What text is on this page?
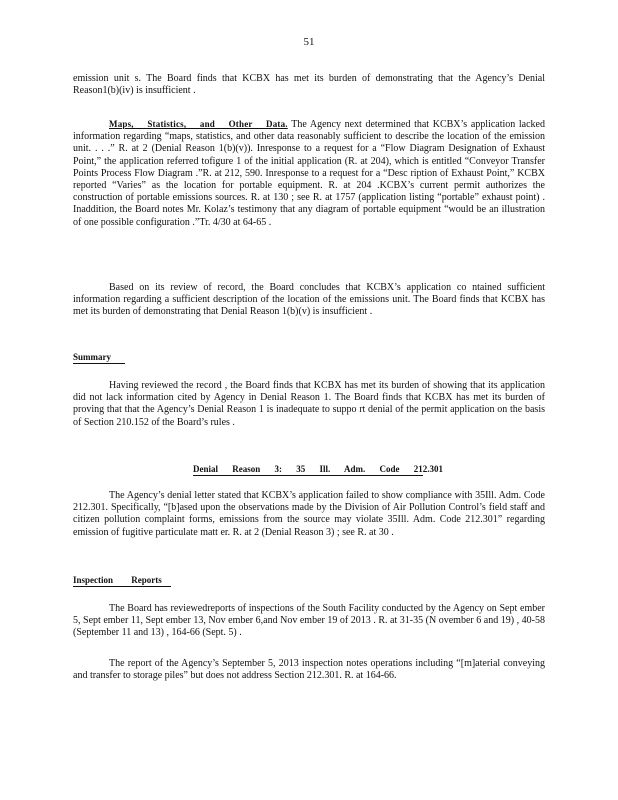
51

emission unit s. The Board finds that KCBX has met its burden of demonstrating that the Agency’s Denial Reason1(b)(iv) is insufficient .

Maps, Statistics, and Other Data. The Agency next determined that KCBX’s application lacked information regarding “maps, statistics, and other data reasonably sufficient to describe the location of the emission unit. . . .” R. at 2 (Denial Reason 1(b)(v)). Inresponse to a request for a “Flow Diagram Designation of Exhaust Point,” the application referred tofigure 1 of the initial application (R. at 204), which is entitled “Conveyor Transfer Points Process Flow Diagram .”R. at 212, 590. Inresponse to a request for a “Desc ription of Exhaust Point,” KCBX reported “Varies” as the location for portable equipment. R. at 204 .KCBX’s current permit authorizes the construction of portable emissions sources. R. at 130 ; see R. at 1757 (application listing “portable” exhaust point) . Inaddition, the Board notes Mr. Kolaz’s testimony that any diagram of portable equipment “would be an illustration of one possible configuration .”Tr. 4/30 at 64-65 .

Based on its review of record, the Board concludes that KCBX’s application co ntained sufficient information regarding a sufficient description of the location of the emissions unit. The Board finds that KCBX has met its burden of demonstrating that Denial Reason 1(b)(v) is insufficient .

Summary

Having reviewed the record , the Board finds that KCBX has met its burden of showing that its application did not lack information cited by Agency in Denial Reason 1. The Board finds that KCBX has met its burden of proving that that the Agency’s Denial Reason 1 is inadequate to suppo rt denial of the permit application on the basis of Section 210.152 of the Board’s rules .

Denial Reason 3: 35 Ill. Adm. Code 212.301

The Agency’s denial letter stated that KCBX’s application failed to show compliance with 35Ill. Adm. Code 212.301. Specifically, “[b]ased upon the observations made by the Division of Air Pollution Control’s field staff and citizen pollution complaint forms, emissions from the source may violate 35Ill. Adm. Code 212.301” regarding emission of fugitive particulate matt er. R. at 2 (Denial Reason 3) ; see R. at 30 .

Inspection Reports

The Board has reviewedreports of inspections of the South Facility conducted by the Agency on Sept ember 5, Sept ember 11, Sept ember 13, Nov ember 6,and Nov ember 19 of 2013 . R. at 31-35 (N ovember 6 and 19) , 40-58 (September 11 and 13) , 164-66 (Sept. 5) .

The report of the Agency’s September 5, 2013 inspection notes operations including “[m]aterial conveying and transfer to storage piles” but does not address Section 212.301. R. at 164-66.
